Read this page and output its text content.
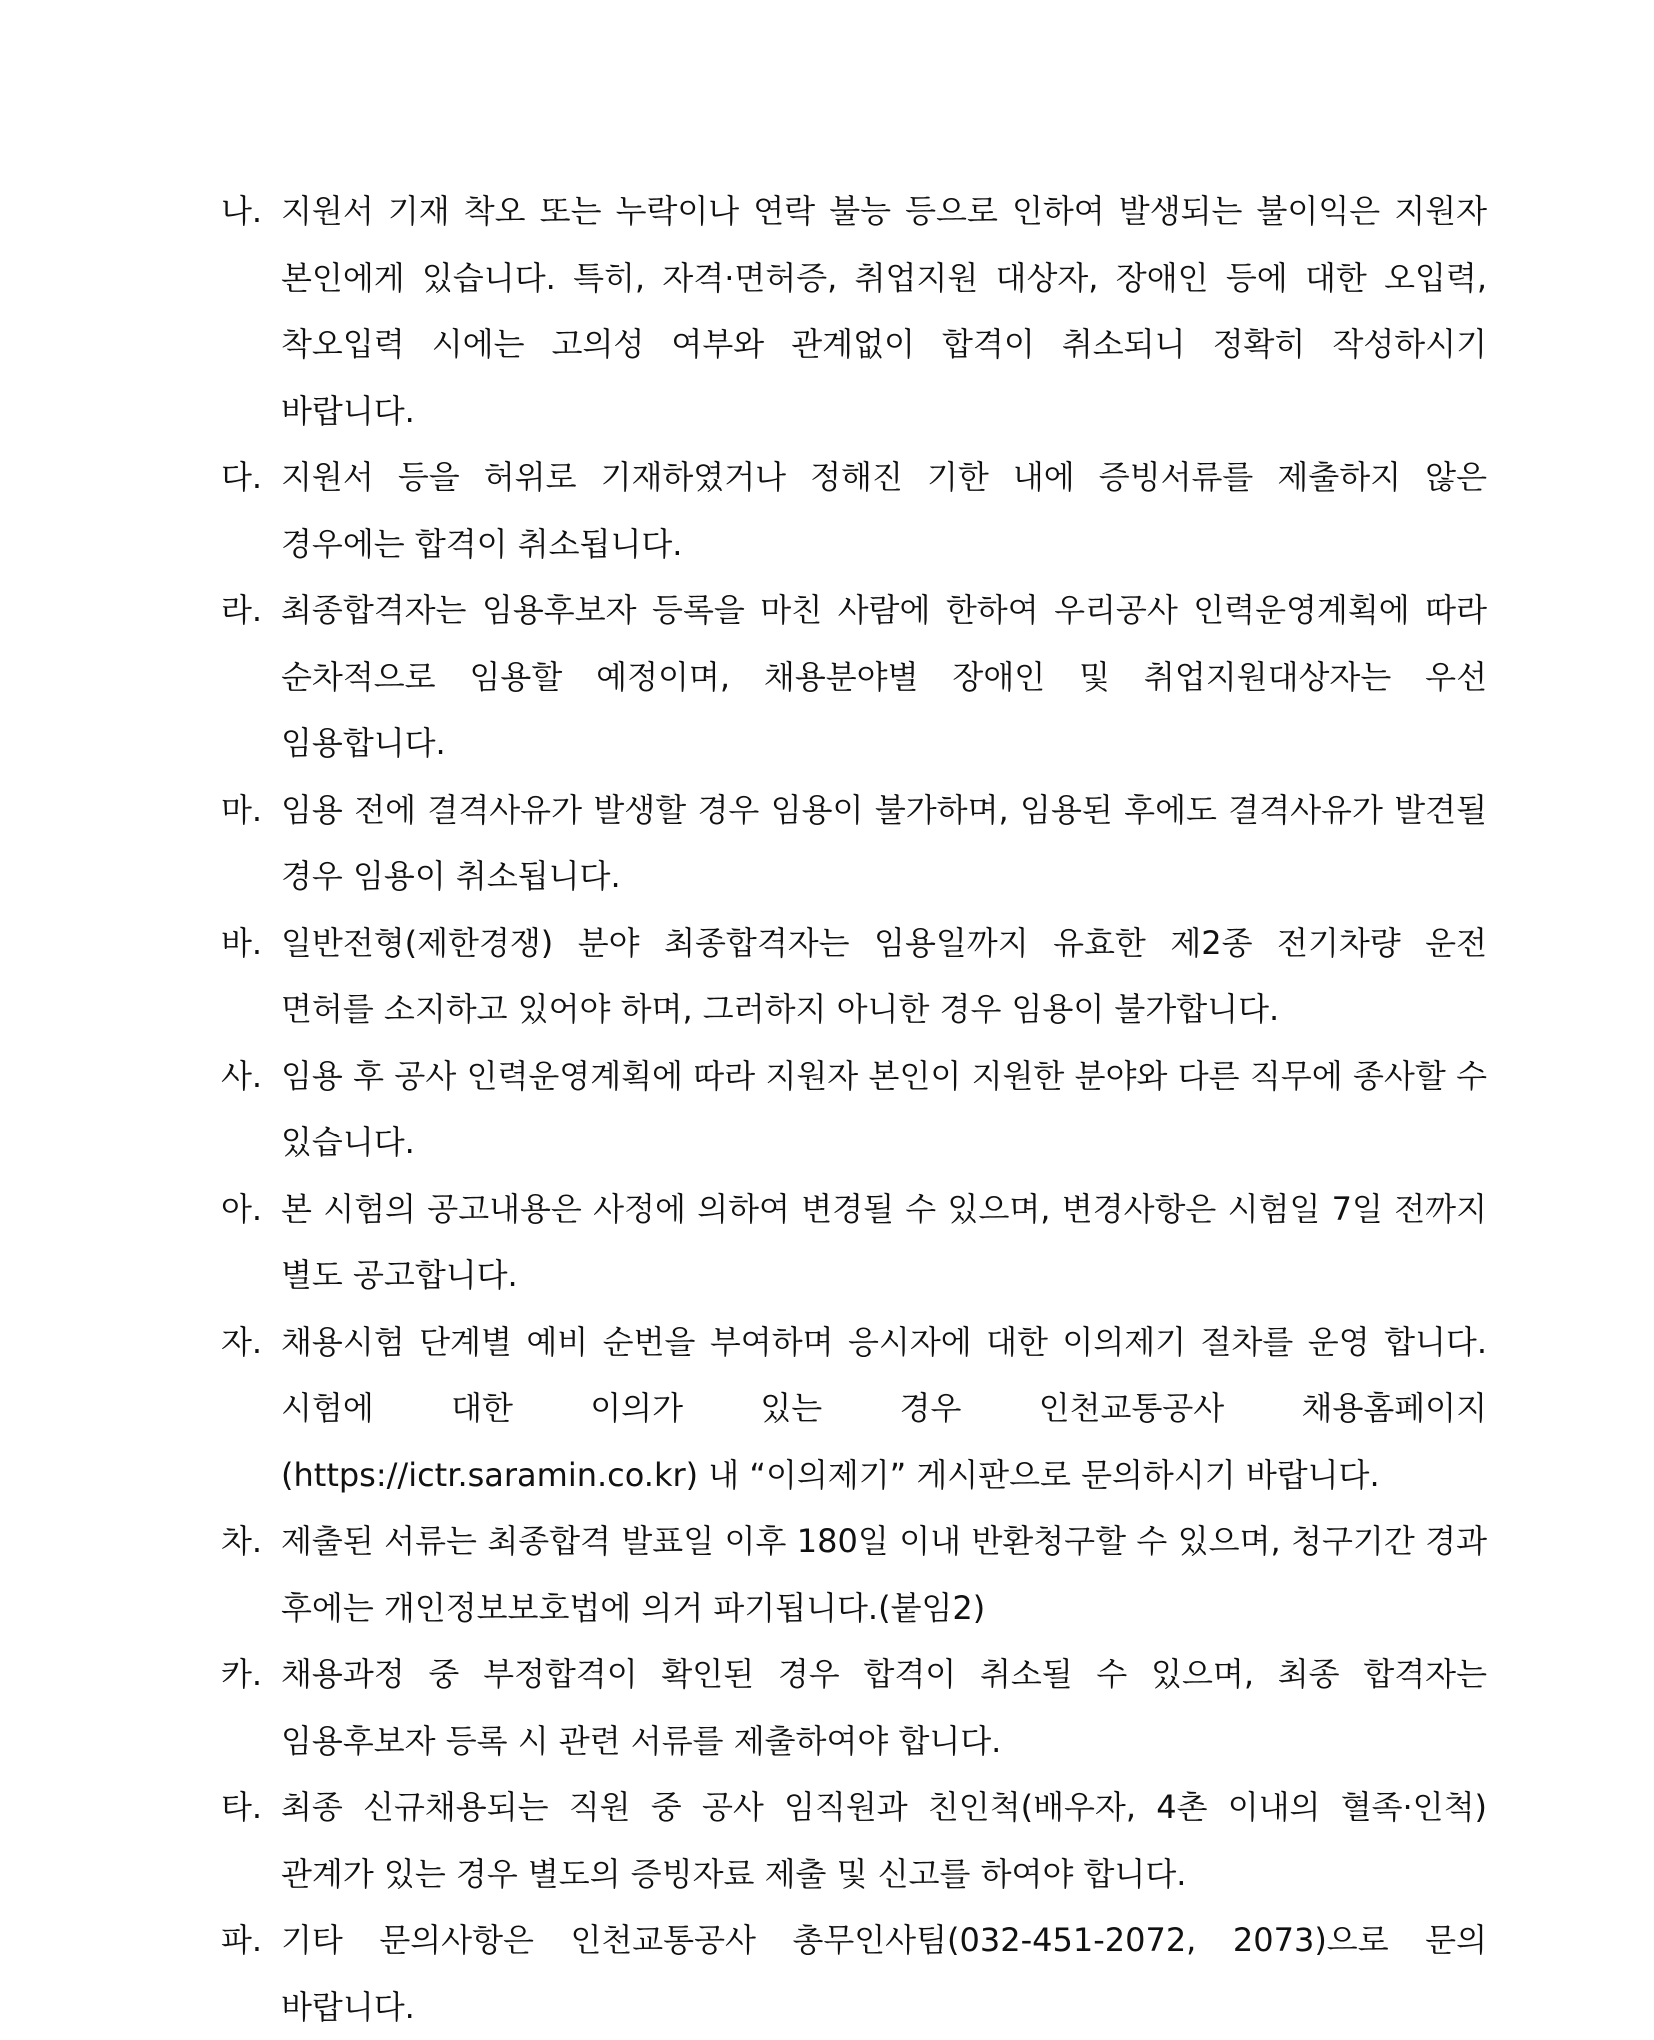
나. 지원서 기재 착오 또는 누락이나 연락 불능 등으로 인하여 발생되는 불이익은 지원자 본인에게 있습니다. 특히, 자격·면허증, 취업지원 대상자, 장애인 등에 대한 오입력, 착오입력 시에는 고의성 여부와 관계없이 합격이 취소되니 정확히 작성하시기 바랍니다.
다. 지원서 등을 허위로 기재하였거나 정해진 기한 내에 증빙서류를 제출하지 않은 경우에는 합격이 취소됩니다.
라. 최종합격자는 임용후보자 등록을 마친 사람에 한하여 우리공사 인력운영계획에 따라 순차적으로 임용할 예정이며, 채용분야별 장애인 및 취업지원대상자는 우선 임용합니다.
마. 임용 전에 결격사유가 발생할 경우 임용이 불가하며, 임용된 후에도 결격사유가 발견될 경우 임용이 취소됩니다.
바. 일반전형(제한경쟁) 분야 최종합격자는 임용일까지 유효한 제2종 전기차량 운전 면허를 소지하고 있어야 하며, 그러하지 아니한 경우 임용이 불가합니다.
사. 임용 후 공사 인력운영계획에 따라 지원자 본인이 지원한 분야와 다른 직무에 종사할 수 있습니다.
아. 본 시험의 공고내용은 사정에 의하여 변경될 수 있으며, 변경사항은 시험일 7일 전까지 별도 공고합니다.
자. 채용시험 단계별 예비 순번을 부여하며 응시자에 대한 이의제기 절차를 운영 합니다. 시험에 대한 이의가 있는 경우 인천교통공사 채용홈페이지 (https://ictr.saramin.co.kr) 내 “이의제기” 게시판으로 문의하시기 바랍니다.
차. 제출된 서류는 최종합격 발표일 이후 180일 이내 반환청구할 수 있으며, 청구기간 경과 후에는 개인정보보호법에 의거 파기됩니다.(붙임2)
카. 채용과정 중 부정합격이 확인된 경우 합격이 취소될 수 있으며, 최종 합격자는 임용후보자 등록 시 관련 서류를 제출하여야 합니다.
타. 최종 신규채용되는 직원 중 공사 임직원과 친인척(배우자, 4촌 이내의 혈족·인척) 관계가 있는 경우 별도의 증빙자료 제출 및 신고를 하여야 합니다.
파. 기타 문의사항은 인천교통공사 총무인사팀(032-451-2072, 2073)으로 문의 바랍니다.
